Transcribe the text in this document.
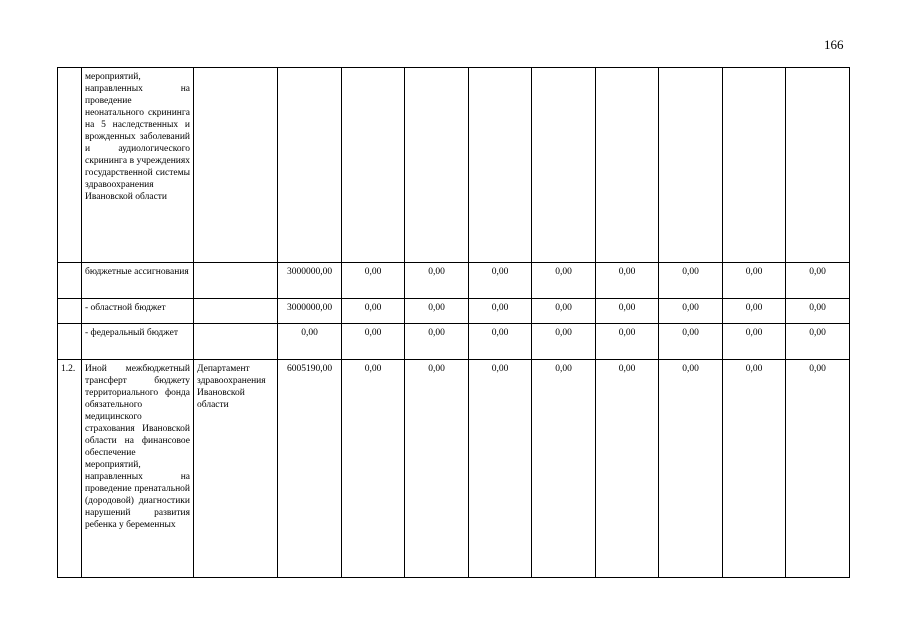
166
	мероприятий, направленных на проведение неонатального скрининга на 5 наследственных и врожденных заболеваний и аудиологического скрининга в учреждениях государственной системы здравоохранения Ивановской области										
	бюджетные ассигнования		3000000,00	0,00	0,00	0,00	0,00	0,00	0,00	0,00	0,00
	- областной бюджет		3000000,00	0,00	0,00	0,00	0,00	0,00	0,00	0,00	0,00
	- федеральный бюджет		0,00	0,00	0,00	0,00	0,00	0,00	0,00	0,00	0,00
1.2.	Иной межбюджетный трансферт бюджету территориального фонда обязательного медицинского страхования Ивановской области на финансовое обеспечение мероприятий, направленных на проведение пренатальной (дородовой) диагностики нарушений развития ребенка у беременных	Департамент здравоохранения Ивановской области	6005190,00	0,00	0,00	0,00	0,00	0,00	0,00	0,00	0,00
